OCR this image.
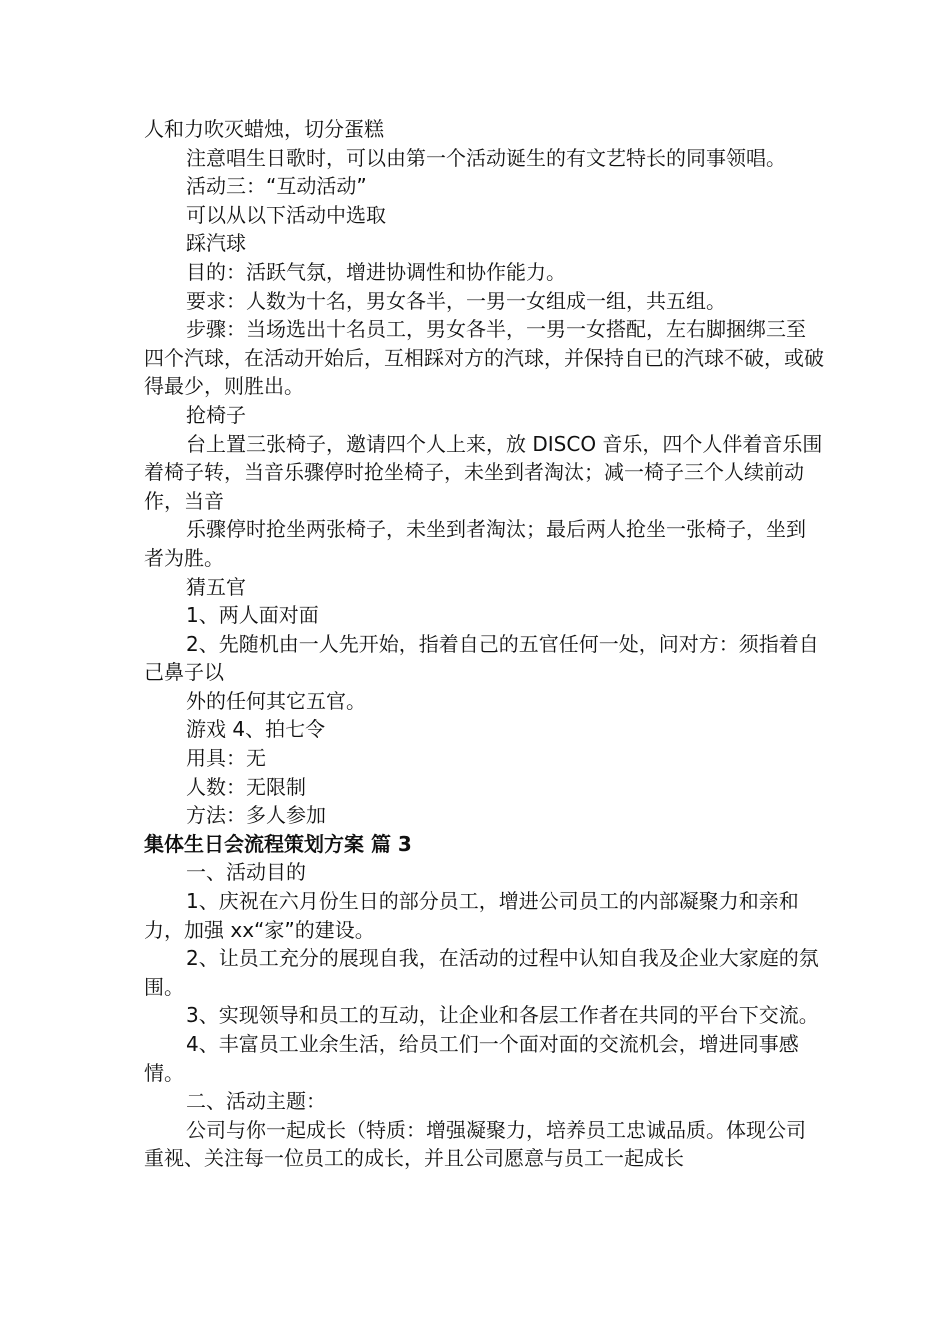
人和力吹灭蜡烛，切分蛋糕

注意唱生日歌时，可以由第一个活动诞生的有文艺特长的同事领唱。

活动三：“互动活动”

可以从以下活动中选取

踩汽球

目的：活跃气氛，增进协调性和协作能力。

要求：人数为十名，男女各半，一男一女组成一组，共五组。

步骤：当场选出十名员工，男女各半，一男一女搭配，左右脚捆绑三至四个汽球，在活动开始后，互相踩对方的汽球，并保持自已的汽球不破，或破得最少，则胜出。

抢椅子

台上置三张椅子，邀请四个人上来，放 DISCO 音乐，四个人伴着音乐围着椅子转，当音乐骤停时抢坐椅子，未坐到者淘汰；减一椅子三个人续前动作，当音

乐骤停时抢坐两张椅子，未坐到者淘汰；最后两人抢坐一张椅子，坐到者为胜。

猜五官

1、两人面对面

2、先随机由一人先开始，指着自己的五官任何一处，问对方：须指着自己鼻子以

外的任何其它五官。

游戏 4、拍七令

用具：无

人数：无限制

方法：多人参加

集体生日会流程策划方案 篇 3

一、活动目的

1、庆祝在六月份生日的部分员工，增进公司员工的内部凝聚力和亲和力，加强 xx“家”的建设。

2、让员工充分的展现自我，在活动的过程中认知自我及企业大家庭的氛围。

3、实现领导和员工的互动，让企业和各层工作者在共同的平台下交流。

4、丰富员工业余生活，给员工们一个面对面的交流机会，增进同事感情。

二、活动主题：

公司与你一起成长（特质：增强凝聚力，培养员工忠诚品质。体现公司重视、关注每一位员工的成长，并且公司愿意与员工一起成长
